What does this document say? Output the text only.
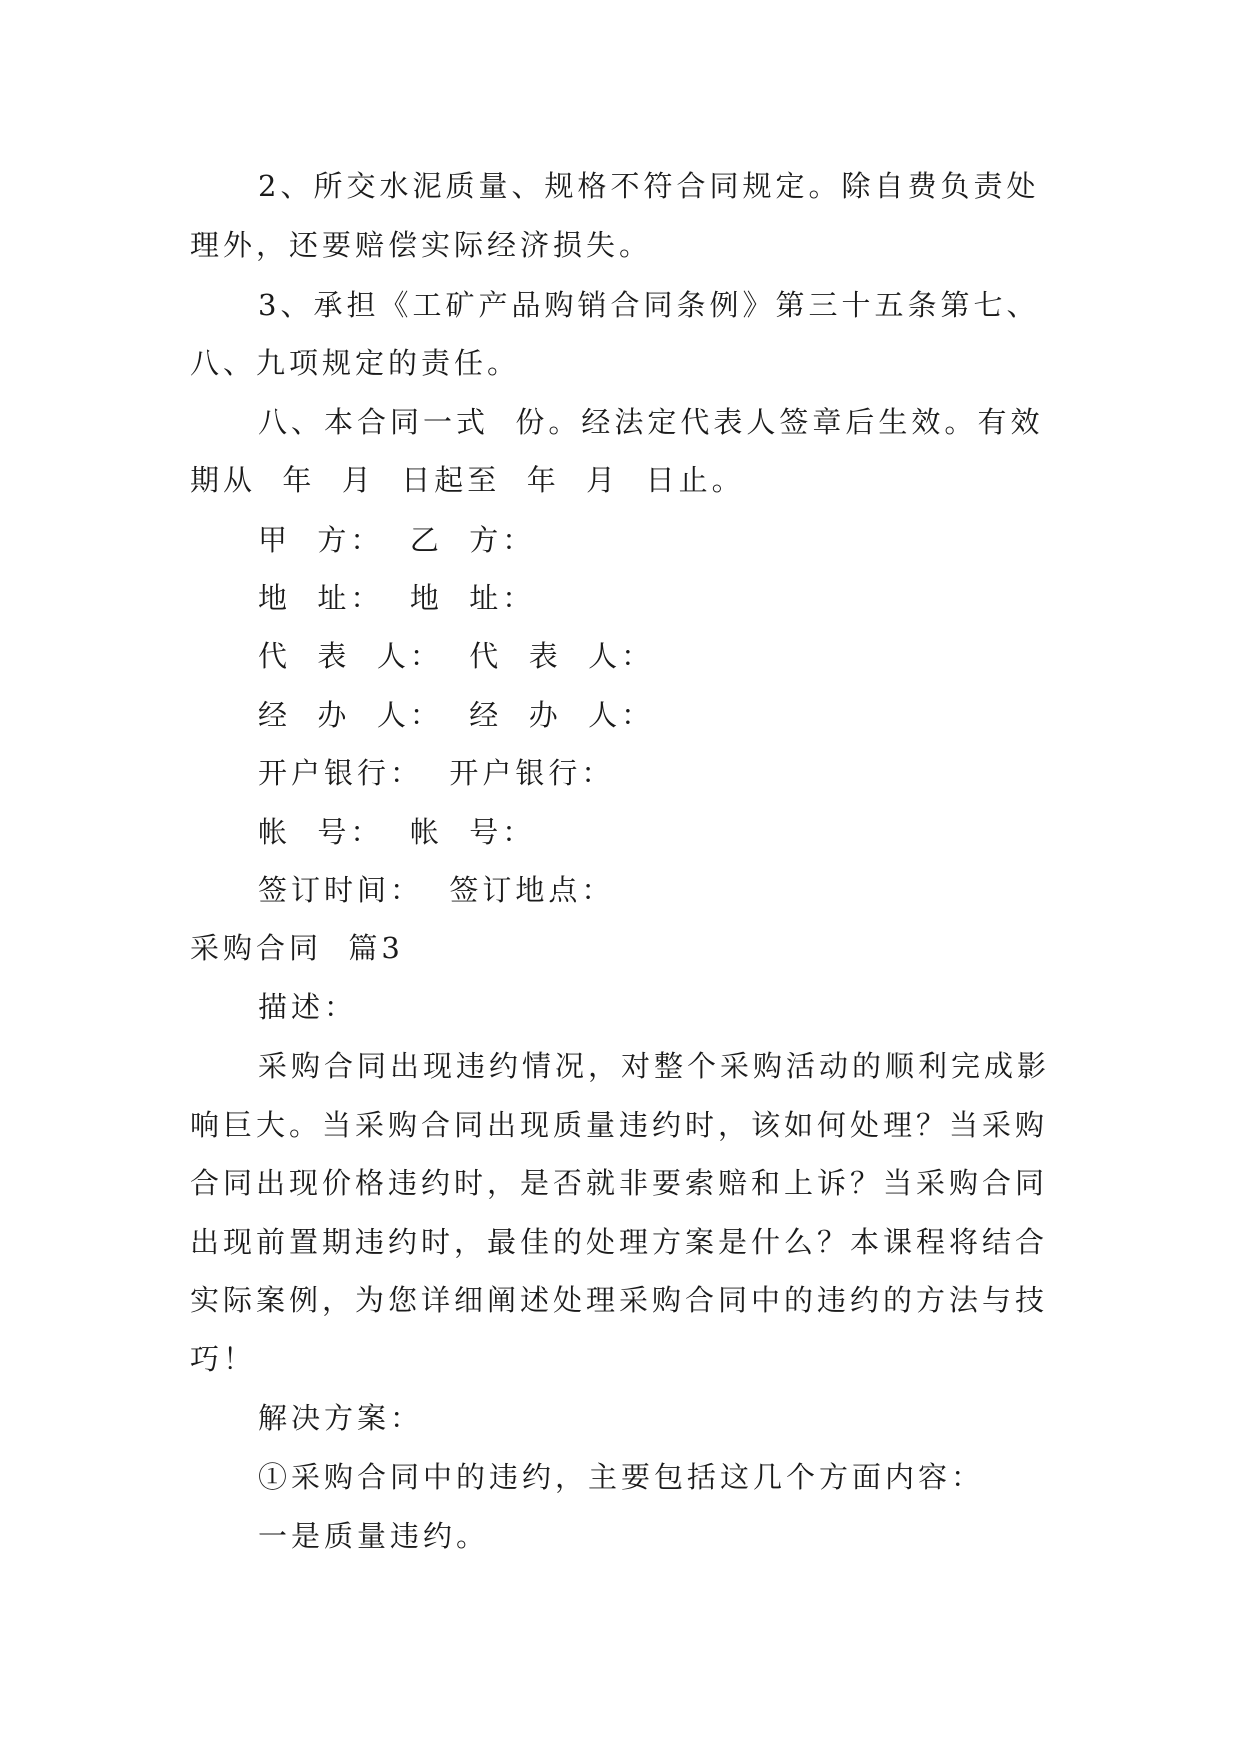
2、所交水泥质量、规格不符合同规定。除自费负责处
理外，还要赔偿实际经济损失。
3、承担《工矿产品购销合同条例》第三十五条第七、
八、九项规定的责任。
八、本合同一式  份。经法定代表人签章后生效。有效
期从  年  月  日起至  年  月  日止。
甲  方：  乙  方：
地  址：  地  址：
代  表  人：  代  表  人：
经  办  人：  经  办  人：
开户银行：  开户银行：
帐  号：  帐  号：
签订时间：  签订地点：
采购合同  篇3
描述：
采购合同出现违约情况，对整个采购活动的顺利完成影
响巨大。当采购合同出现质量违约时，该如何处理？当采购
合同出现价格违约时，是否就非要索赔和上诉？当采购合同
出现前置期违约时，最佳的处理方案是什么？本课程将结合
实际案例，为您详细阐述处理采购合同中的违约的方法与技
巧！
解决方案：
①采购合同中的违约，主要包括这几个方面内容：
一是质量违约。
